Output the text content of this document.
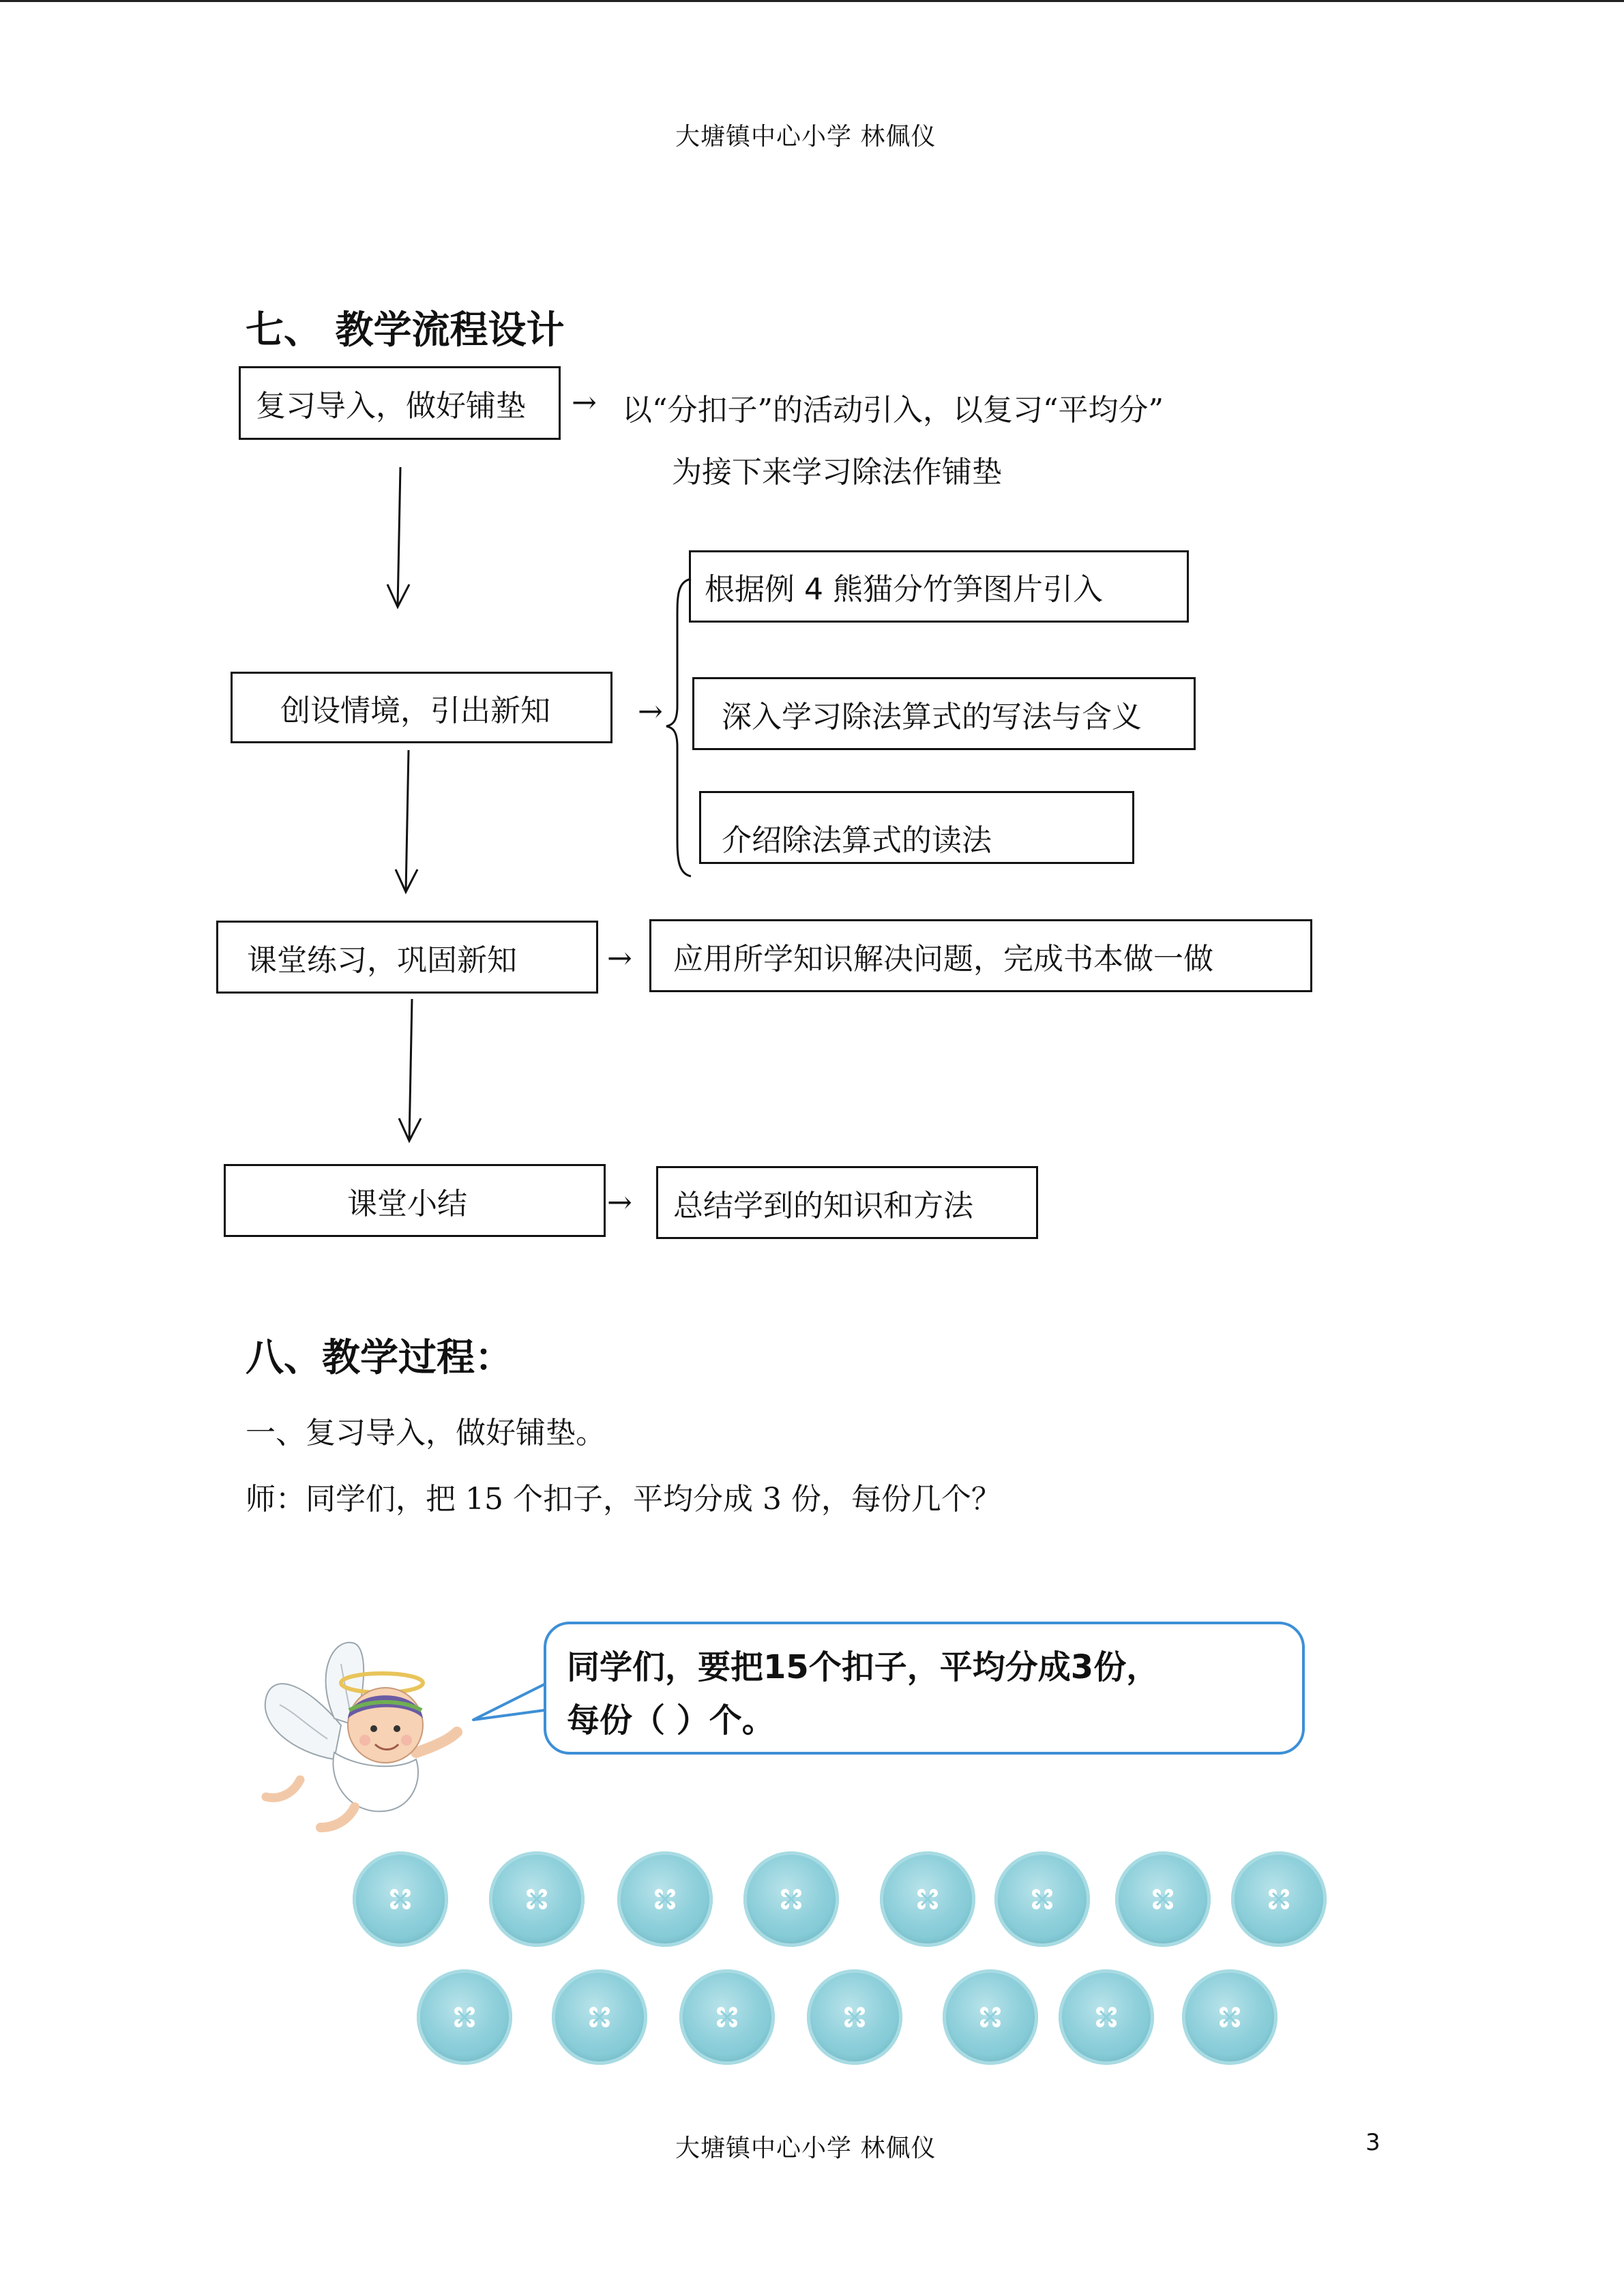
大塘镇中心小学 林佩仪
七、 教学流程设计
复习导入，做好铺垫 → 以“分扣子”的活动引入，以复习“平均分”
为接下来学习除法作铺垫
创设情境，引出新知	→
根据例 4 熊猫分竹笋图片引入
深入学习除法算式的写法与含义
介绍除法算式的读法
课堂练习，巩固新知	→ 应用所学知识解决问题，完成书本做一做
课堂小结	→ 总结学到的知识和方法
八、教学过程：
一、复习导入，做好铺垫。
师：同学们，把 15 个扣子，平均分成 3 份，每份几个？
同学们，要把15个扣子，平均分成3份，
每份（ ）个。
大塘镇中心小学 林佩仪	3
